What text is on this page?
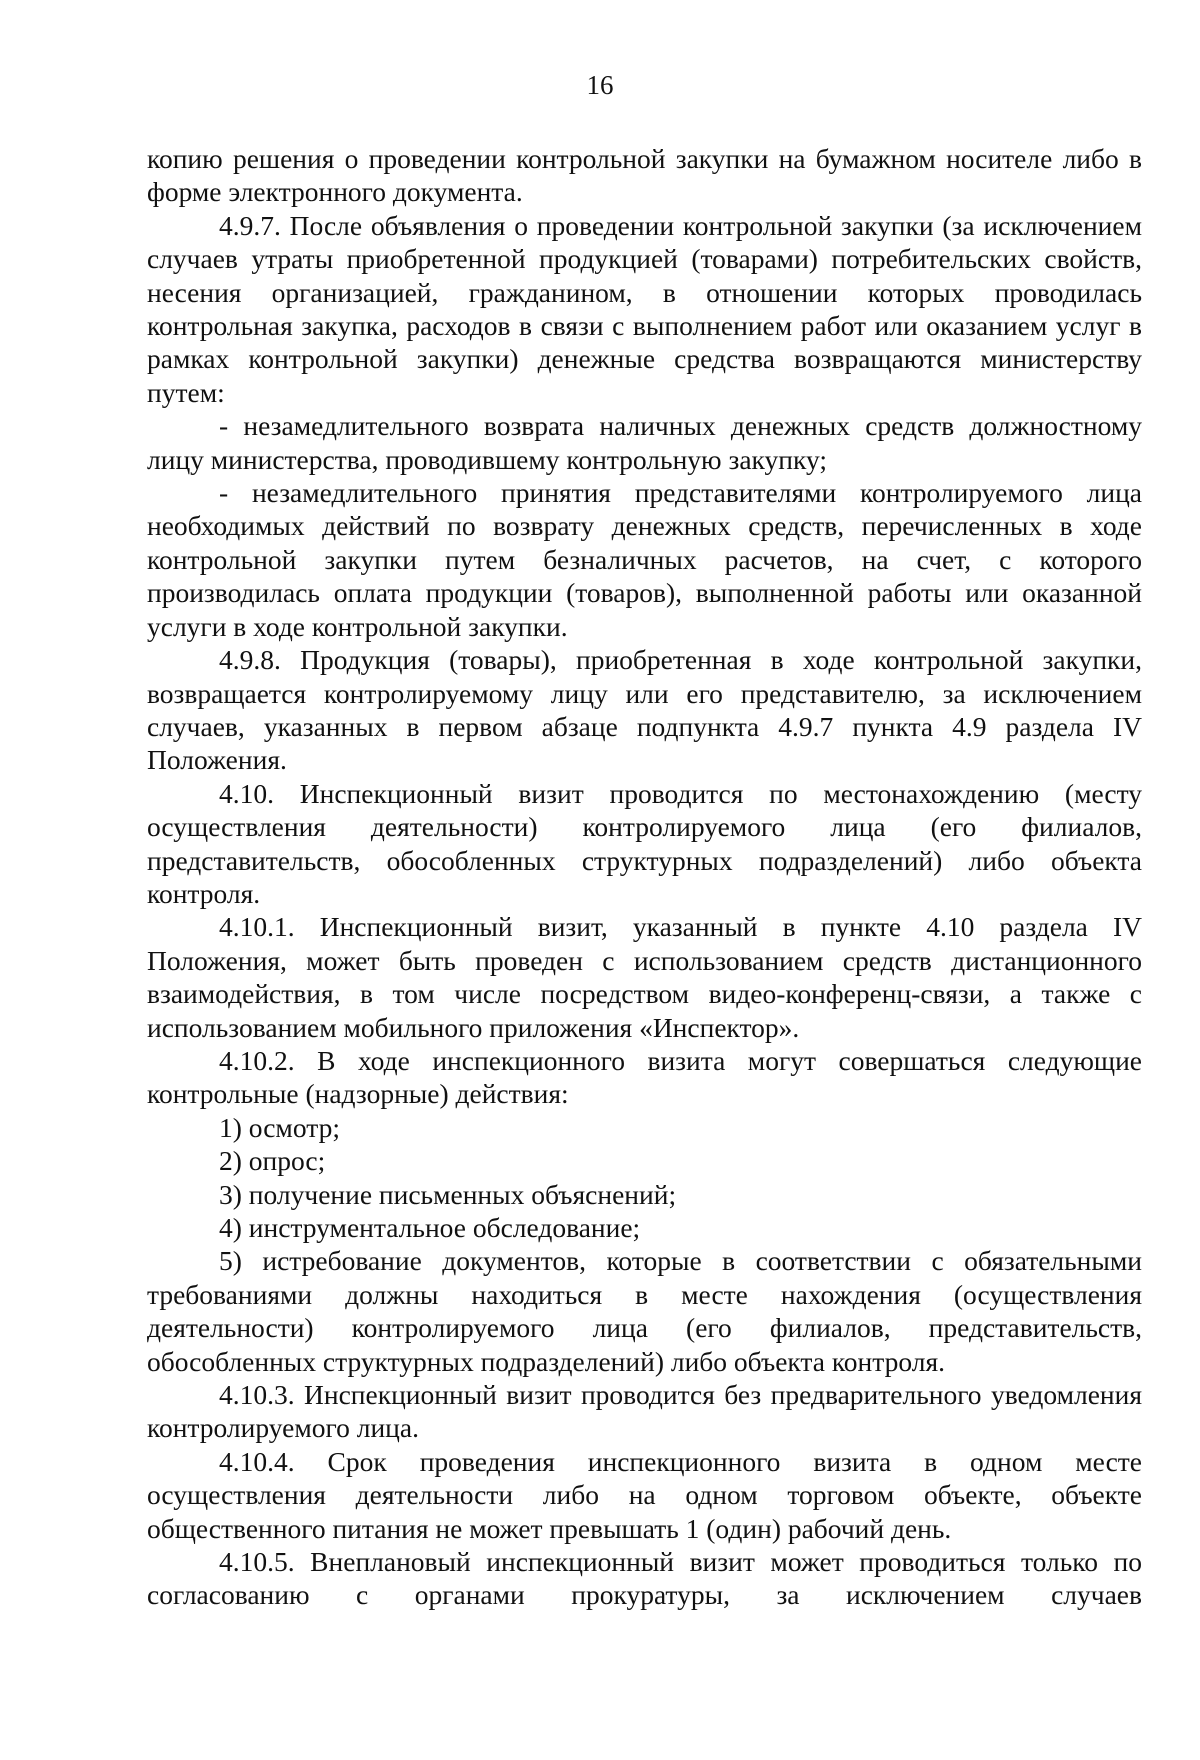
16

копию решения о проведении контрольной закупки на бумажном носителе либо в форме электронного документа.

4.9.7. После объявления о проведении контрольной закупки (за исключением случаев утраты приобретенной продукцией (товарами) потребительских свойств, несения организацией, гражданином, в отношении которых проводилась контрольная закупка, расходов в связи с выполнением работ или оказанием услуг в рамках контрольной закупки) денежные средства возвращаются министерству путем:

- незамедлительного возврата наличных денежных средств должностному лицу министерства, проводившему контрольную закупку;

- незамедлительного принятия представителями контролируемого лица необходимых действий по возврату денежных средств, перечисленных в ходе контрольной закупки путем безналичных расчетов, на счет, с которого производилась оплата продукции (товаров), выполненной работы или оказанной услуги в ходе контрольной закупки.

4.9.8. Продукция (товары), приобретенная в ходе контрольной закупки, возвращается контролируемому лицу или его представителю, за исключением случаев, указанных в первом абзаце подпункта 4.9.7 пункта 4.9 раздела IV Положения.

4.10. Инспекционный визит проводится по местонахождению (месту осуществления деятельности) контролируемого лица (его филиалов, представительств, обособленных структурных подразделений) либо объекта контроля.

4.10.1. Инспекционный визит, указанный в пункте 4.10 раздела IV Положения, может быть проведен с использованием средств дистанционного взаимодействия, в том числе посредством видео-конференц-связи, а также с использованием мобильного приложения «Инспектор».

4.10.2. В ходе инспекционного визита могут совершаться следующие контрольные (надзорные) действия:

1) осмотр;

2) опрос;

3) получение письменных объяснений;

4) инструментальное обследование;

5) истребование документов, которые в соответствии с обязательными требованиями должны находиться в месте нахождения (осуществления деятельности) контролируемого лица (его филиалов, представительств, обособленных структурных подразделений) либо объекта контроля.

4.10.3. Инспекционный визит проводится без предварительного уведомления контролируемого лица.

4.10.4. Срок проведения инспекционного визита в одном месте осуществления деятельности либо на одном торговом объекте, объекте общественного питания не может превышать 1 (один) рабочий день.

4.10.5. Внеплановый инспекционный визит может проводиться только по согласованию с органами прокуратуры, за исключением случаев
